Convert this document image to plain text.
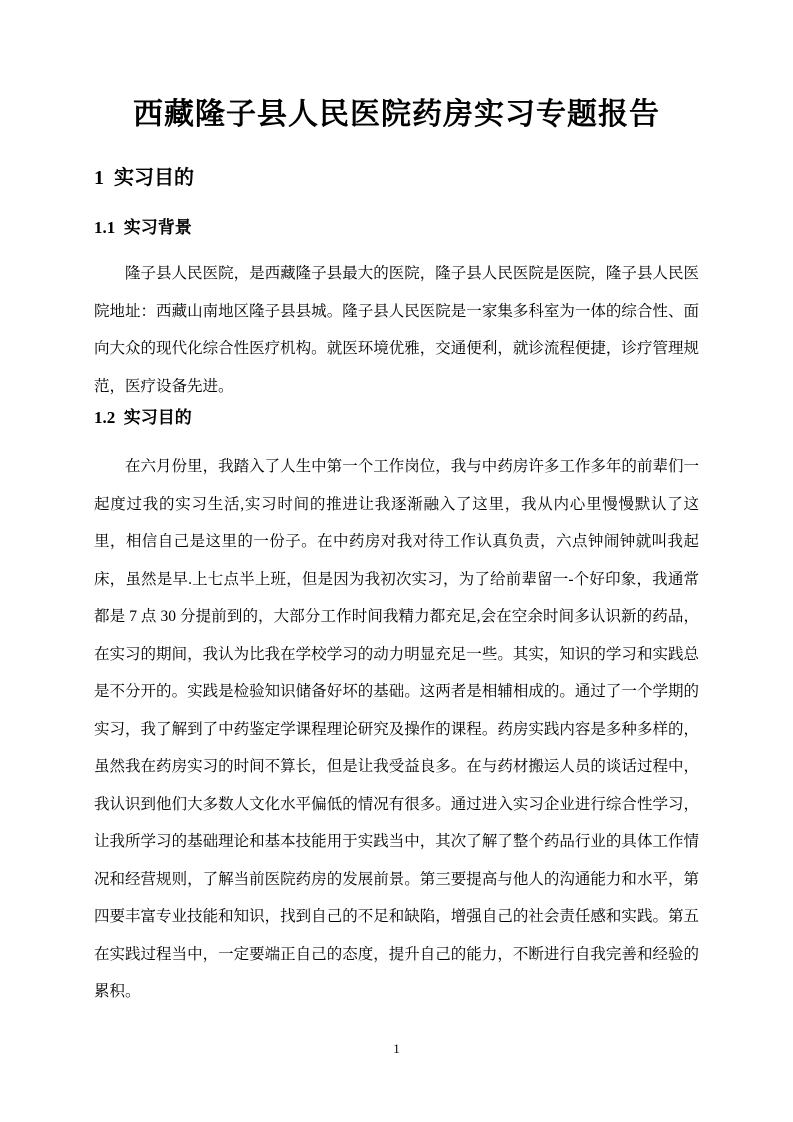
西藏隆子县人民医院药房实习专题报告
1  实习目的
1.1  实习背景

隆子县人民医院，是西藏隆子县最大的医院，隆子县人民医院是医院，隆子县人民医院地址：西藏山南地区隆子县县城。隆子县人民医院是一家集多科室为一体的综合性、面向大众的现代化综合性医疗机构。就医环境优雅，交通便利，就诊流程便捷，诊疗管理规范，医疗设备先进。

1.2  实习目的

在六月份里，我踏入了人生中第一个工作岗位，我与中药房许多工作多年的前辈们一起度过我的实习生活,实习时间的推进让我逐渐融入了这里，我从内心里慢慢默认了这里，相信自己是这里的一份子。在中药房对我对待工作认真负责，六点钟闹钟就叫我起床，虽然是早.上七点半上班，但是因为我初次实习，为了给前辈留一-个好印象，我通常都是 7 点 30 分提前到的，大部分工作时间我精力都充足,会在空余时间多认识新的药品，在实习的期间，我认为比我在学校学习的动力明显充足一些。其实，知识的学习和实践总是不分开的。实践是检验知识储备好坏的基础。这两者是相辅相成的。通过了一个学期的实习，我了解到了中药鉴定学课程理论研究及操作的课程。药房实践内容是多种多样的，虽然我在药房实习的时间不算长，但是让我受益良多。在与药材搬运人员的谈话过程中，我认识到他们大多数人文化水平偏低的情况有很多。通过进入实习企业进行综合性学习，让我所学习的基础理论和基本技能用于实践当中，其次了解了整个药品行业的具体工作情况和经营规则，了解当前医院药房的发展前景。第三要提高与他人的沟通能力和水平，第四要丰富专业技能和知识，找到自己的不足和缺陷，增强自己的社会责任感和实践。第五在实践过程当中，一定要端正自己的态度，提升自己的能力，不断进行自我完善和经验的累积。

1
